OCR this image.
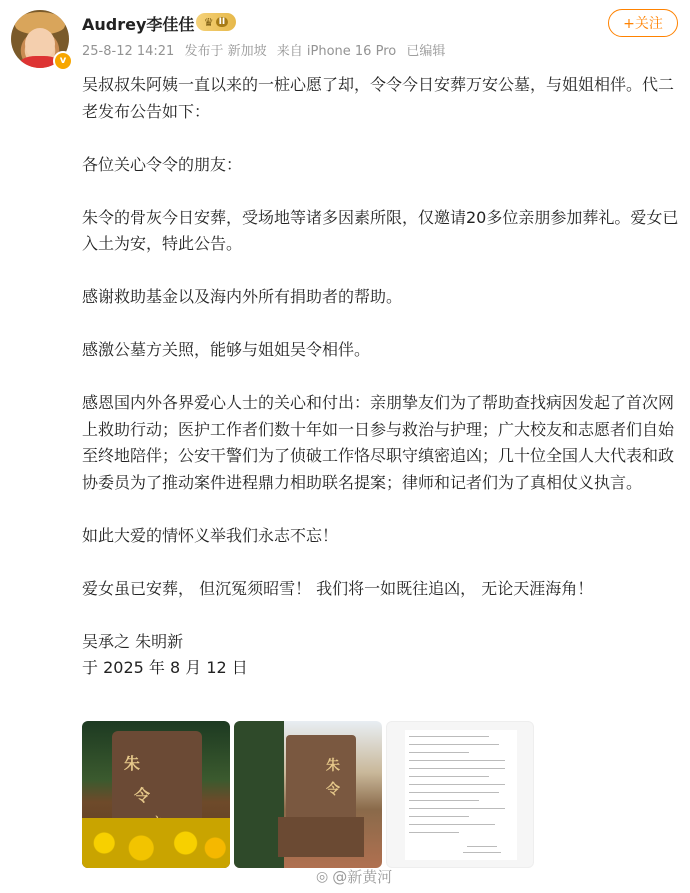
v
Audrey李佳佳 ♛ II
25-8-12 14:21 发布于 新加坡 来自 iPhone 16 Pro 已编辑
+关注

吴叔叔朱阿姨一直以来的一桩心愿了却，令令今日安葬万安公墓，与姐姐相伴。代二老发布公告如下：

各位关心令令的朋友：

朱令的骨灰今日安葬，受场地等诸多因素所限，仅邀请20多位亲朋参加葬礼。爱女已入土为安，特此公告。

感谢救助基金以及海内外所有捐助者的帮助。

感激公墓方关照，能够与姐姐吴令相伴。

感恩国内外各界爱心人士的关心和付出：亲朋挚友们为了帮助查找病因发起了首次网上救助行动；医护工作者们数十年如一日参与救治与护理；广大校友和志愿者们自始至终地陪伴；公安干警们为了侦破工作恪尽职守缜密追凶；几十位全国人大代表和政协委员为了推动案件进程鼎力相助联名提案；律师和记者们为了真相仗义执言。

如此大爱的情怀义举我们永志不忘！

爱女虽已安葬， 但沉冤须昭雪！ 我们将一如既往追凶， 无论天涯海角！

吴承之 朱明新

于 2025 年 8 月 12 日

朱
令
朱
令
◎ @新黄河
